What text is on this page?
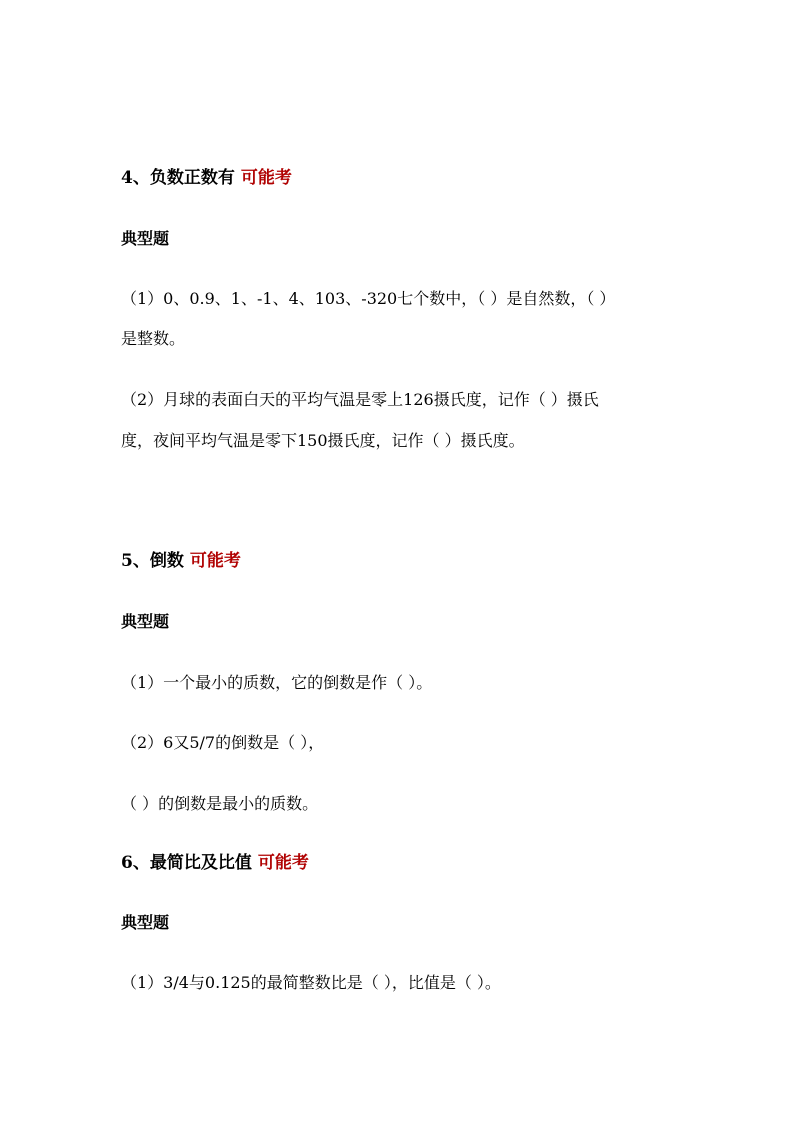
4、负数正数有 可能考
典型题
（1）0、0.9、1、-1、4、103、-320七个数中，（ ）是自然数，（ ）
是整数。
（2）月球的表面白天的平均气温是零上126摄氏度，记作（ ）摄氏
度，夜间平均气温是零下150摄氏度，记作（ ）摄氏度。
5、倒数 可能考
典型题
（1）一个最小的质数，它的倒数是作（ ）。
（2）6又5/7的倒数是（ ），
（ ）的倒数是最小的质数。
6、最简比及比值 可能考
典型题
（1）3/4与0.125的最简整数比是（ ），比值是（ ）。
